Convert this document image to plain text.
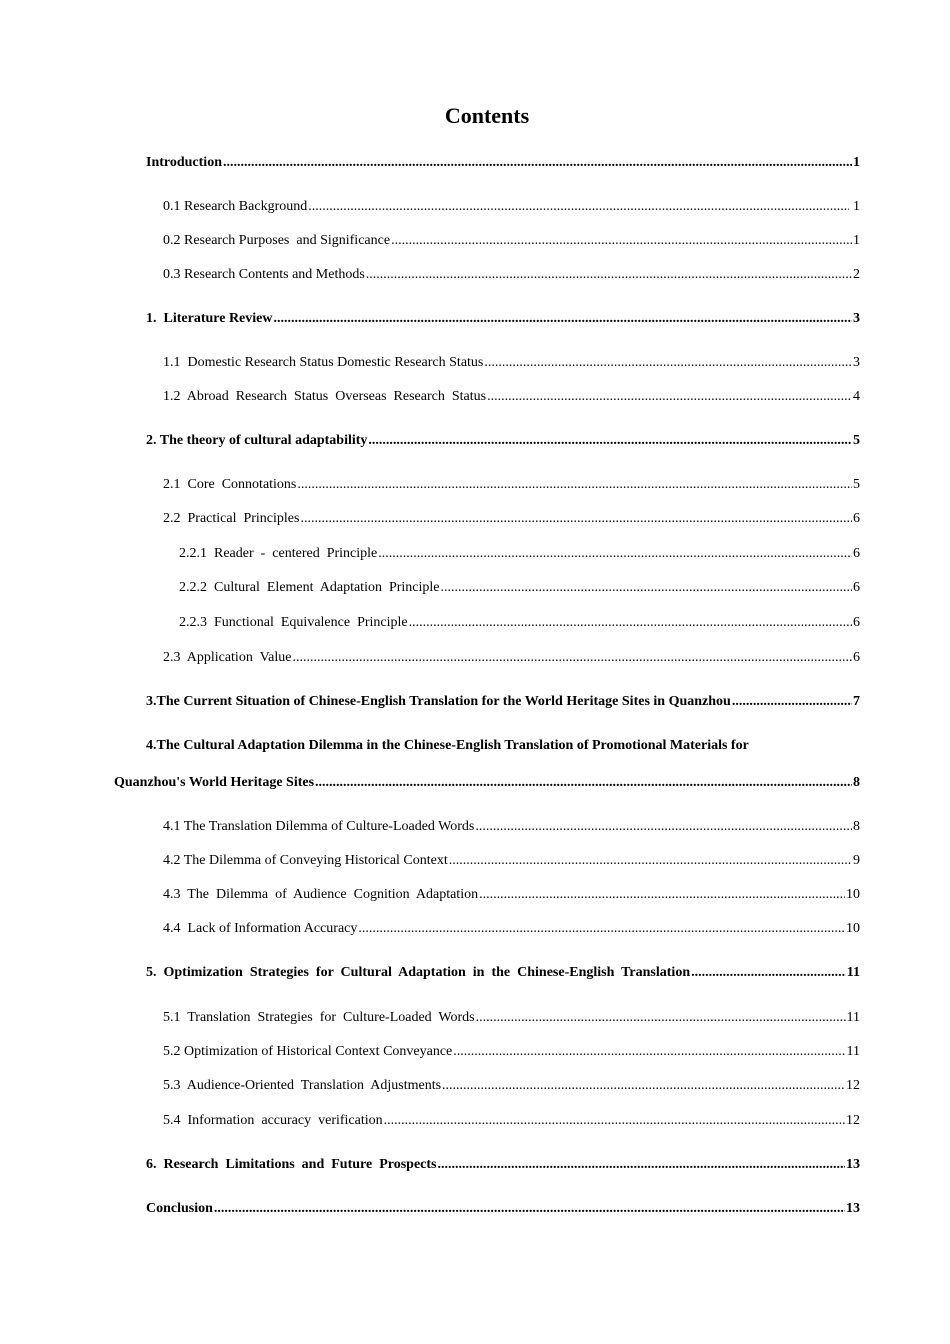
Contents
Introduction .....	1
0.1 Research Background .....	1
0.2 Research Purposes  and Significance .....	1
0.3 Research Contents and Methods .....	2
1.  Literature Review .....	3
1.1  Domestic Research Status Domestic Research Status .....	3
1.2  Abroad  Research  Status  Overseas  Research  Status .....	4
2. The theory of cultural adaptability .....	5
2.1  Core  Connotations .....	5
2.2  Practical  Principles .....	6
2.2.1  Reader  -  centered  Principle .....	6
2.2.2  Cultural  Element  Adaptation  Principle .....	6
2.2.3  Functional  Equivalence  Principle .....	6
2.3  Application  Value .....	6
3.The Current Situation of Chinese-English Translation for the World Heritage Sites in Quanzhou .....	7
4.The Cultural Adaptation Dilemma in the Chinese-English Translation of Promotional Materials for
Quanzhou's World Heritage Sites .....	8
4.1 The Translation Dilemma of Culture-Loaded Words .....	8
4.2 The Dilemma of Conveying Historical Context .....	9
4.3  The  Dilemma  of  Audience  Cognition  Adaptation .....	10
4.4  Lack of Information Accuracy .....	10
5.  Optimization  Strategies  for  Cultural  Adaptation  in  the  Chinese-English  Translation .....	11
5.1  Translation  Strategies  for  Culture-Loaded  Words .....	11
5.2 Optimization of Historical Context Conveyance .....	11
5.3  Audience-Oriented  Translation  Adjustments .....	12
5.4  Information  accuracy  verification .....	12
6.  Research  Limitations  and  Future  Prospects .....	13
Conclusion .....	13
